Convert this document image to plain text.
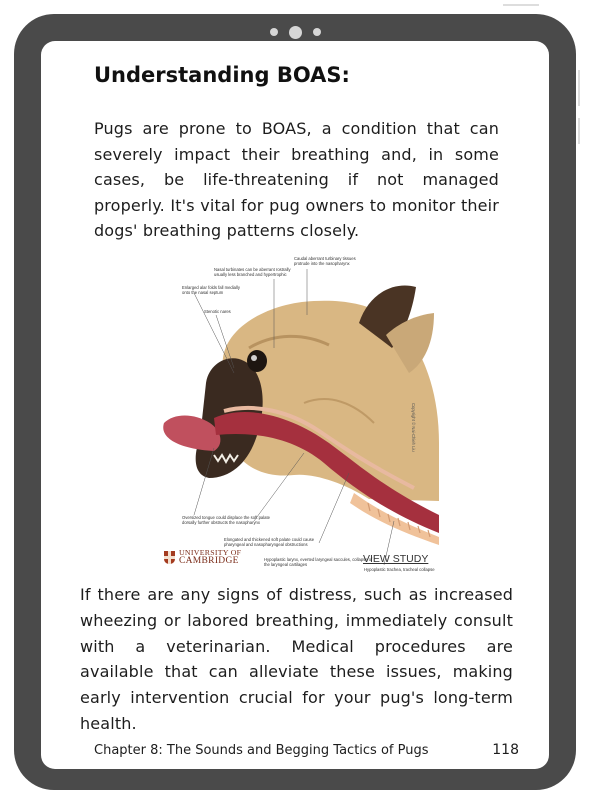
Understanding BOAS:

Pugs are prone to BOAS, a condition that can severely impact their breathing and, in some cases, be life-threatening if not managed properly. It's vital for pug owners to monitor their dogs' breathing patterns closely.

Caudal aberrant turbinary tissues protrude into the nasopharynx
Nasal turbinates can be aberrant rostrally usually less branched and hypertrophic
Enlarged alar folds fall medially onto the nasal septum
Stenotic nares
Oversized tongue could displace the soft palate dorsally further obstructs the nasopharynx
Elongated and thickened soft palate could cause pharyngeal and nasopharyngeal obstructions
Hypoplastic larynx, everted laryngeal saccules, collapse of the laryngeal cartilages
Hypoplastic trachea, tracheal collapse
Copyright © Nai-Chieh Liu
UNIVERSITY OF
CAMBRIDGE	VIEW STUDY

If there are any signs of distress, such as increased wheezing or labored breathing, immediately consult with a veterinarian. Medical procedures are available that can alleviate these issues, making early intervention crucial for your pug's long-term health.

Chapter 8: The Sounds and Begging Tactics of Pugs	118
